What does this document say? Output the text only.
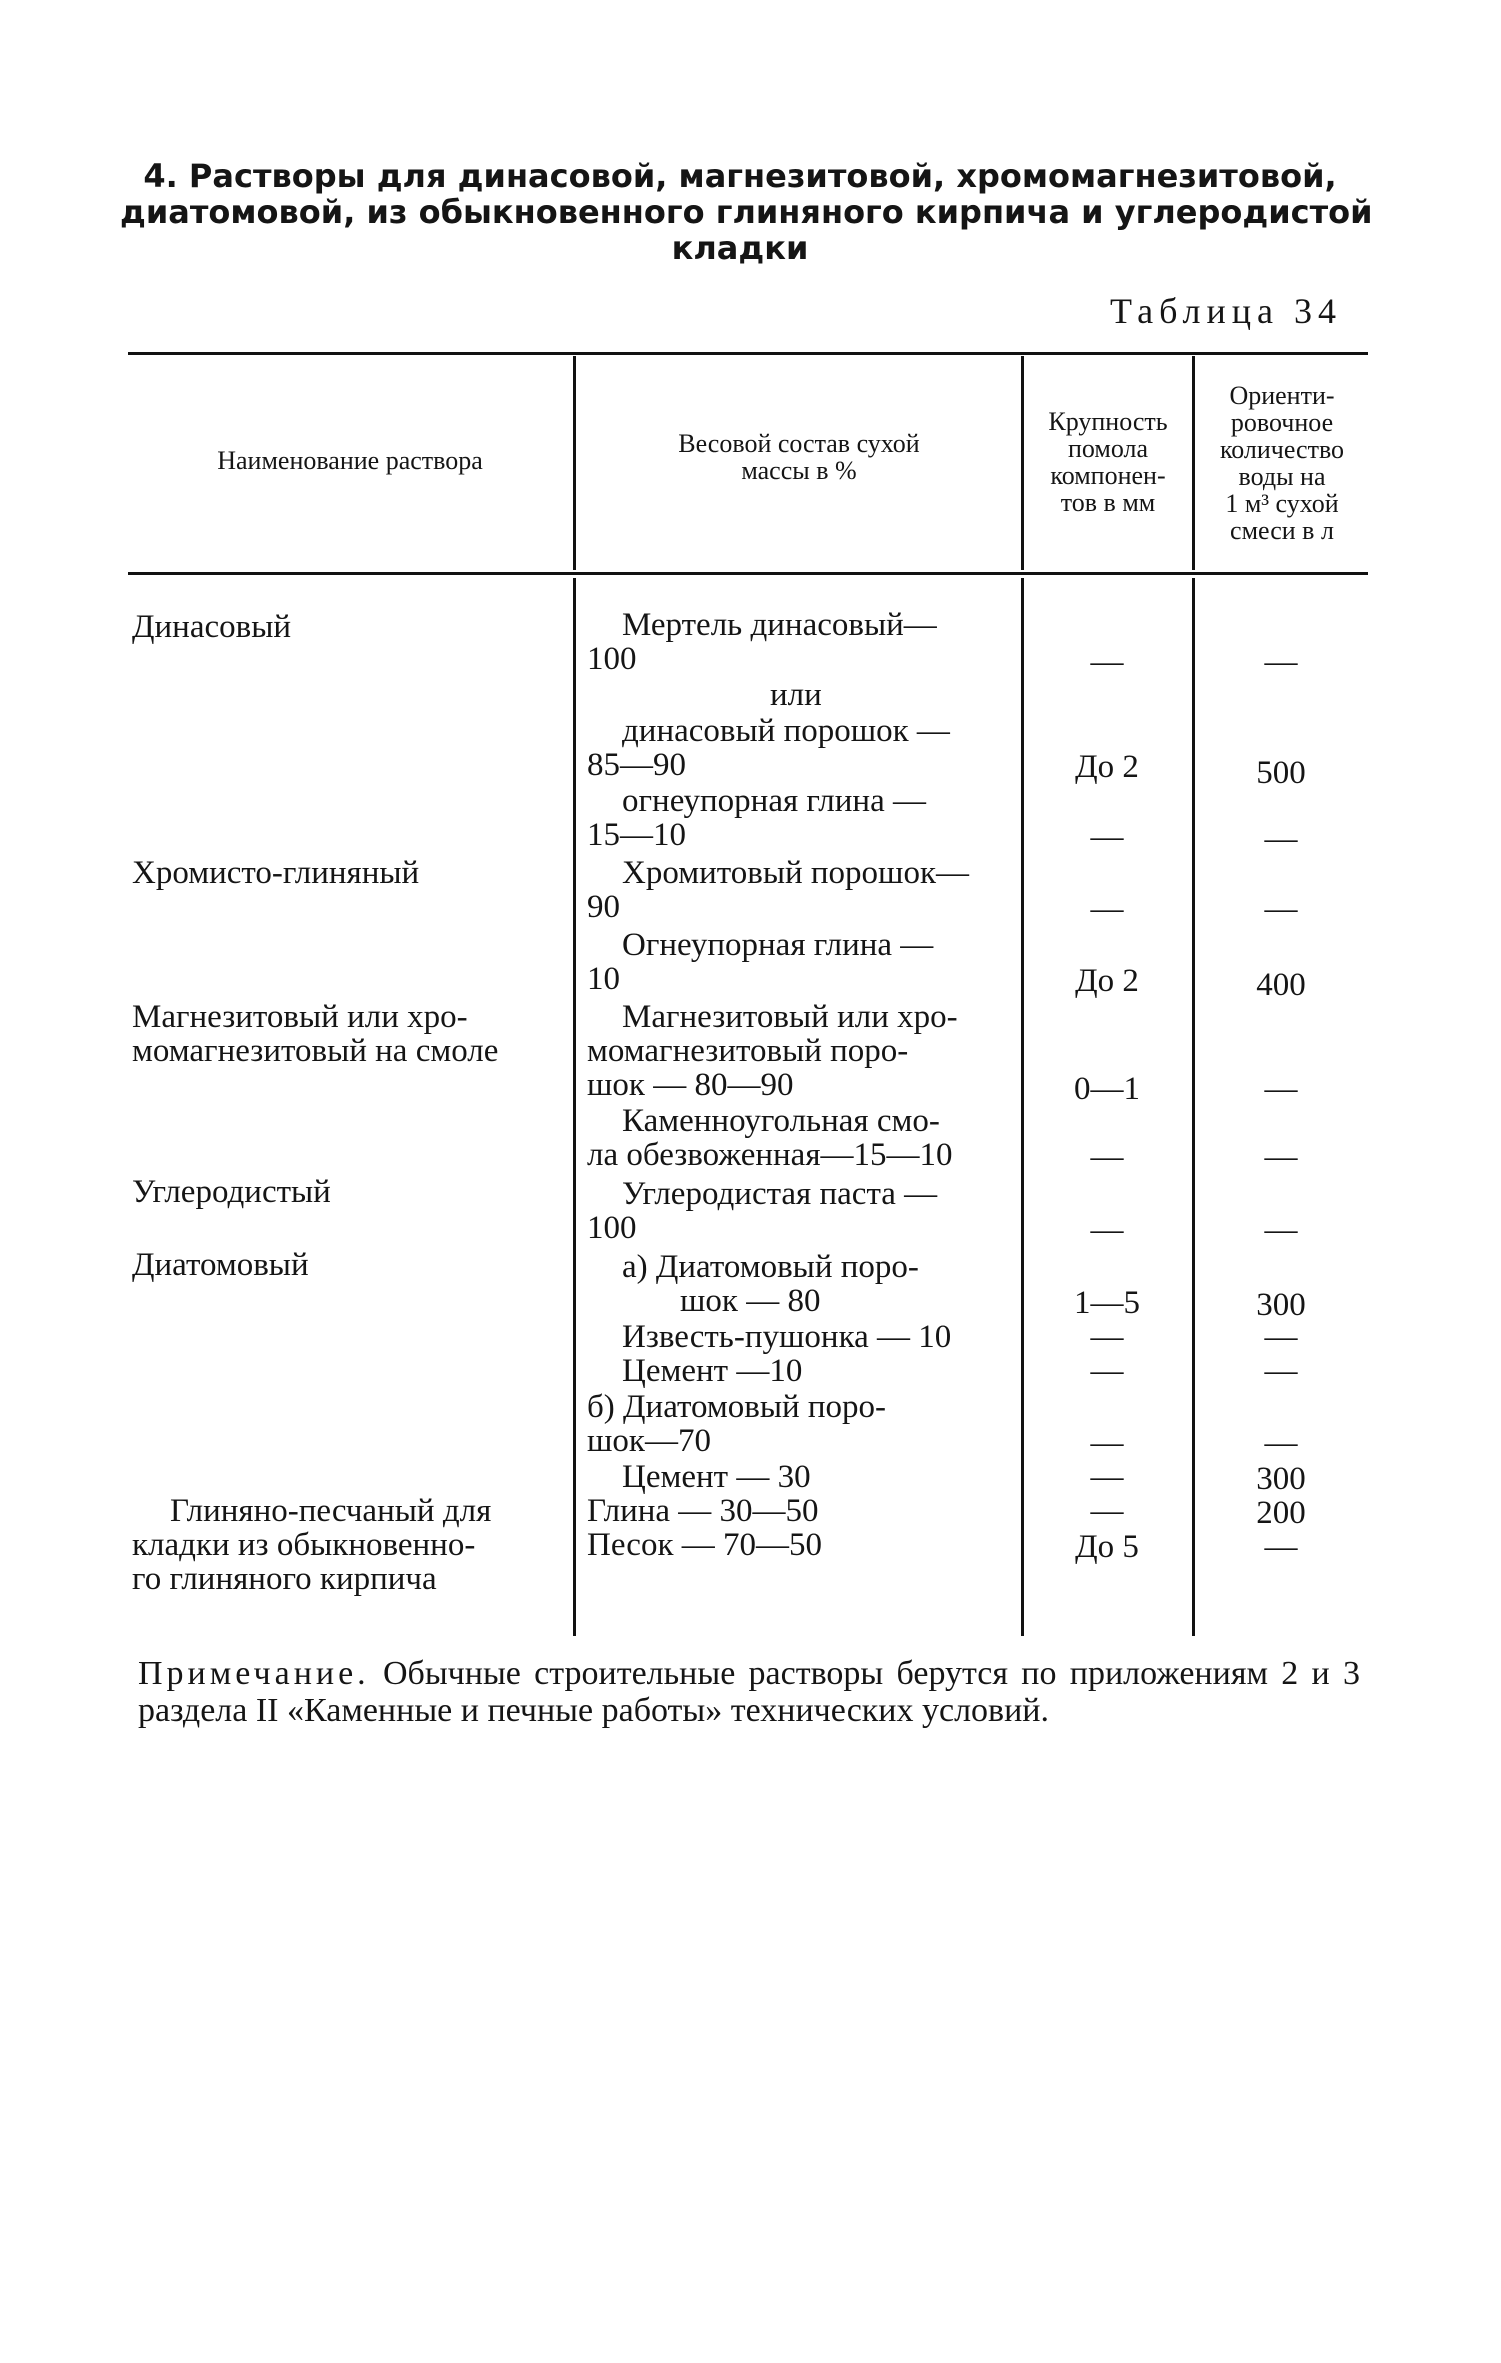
4. Растворы для динасовой, магнезитовой, хромомагнезитовой,
диатомовой, из обыкновенного глиняного кирпича и углеродистой
кладки
Таблица 34
Наименование раствора
Весовой состав сухой
массы в %
Крупность
помола
компонен-
тов в мм
Ориенти-
ровочное
количество
воды на
1 м³ сухой
смеси в л
Динасовый
Хромисто-глиняный
Магнезитовый или хро-
момагнезитовый на смоле
Углеродистый
Диатомовый
Глиняно-песчаный для
кладки из обыкновенно-
го глиняного кирпича
Мертель динасовый—
100
или
динасовый порошок —
85—90
огнеупорная глина —
15—10
Хромитовый порошок—
90
Огнеупорная глина —
10
Магнезитовый или хро-
момагнезитовый поро-
шок — 80—90
Каменноугольная смо-
ла обезвоженная—15—10
Углеродистая паста —
100
а) Диатомовый поро-
шок — 80
Известь-пушонка — 10
Цемент —10
б) Диатомовый поро-
шок—70
Цемент — 30
Глина — 30—50
Песок — 70—50
—
До 2
—
—
До 2
0—1
—
—
1—5
—
—
—
—
—
До 5
—
500
—
—
400
—
—
—
300
—
—
—
300
200
—
Примечание. Обычные строительные растворы берутся по приложениям 2 и 3 раздела II «Каменные и печные работы» технических условий.
